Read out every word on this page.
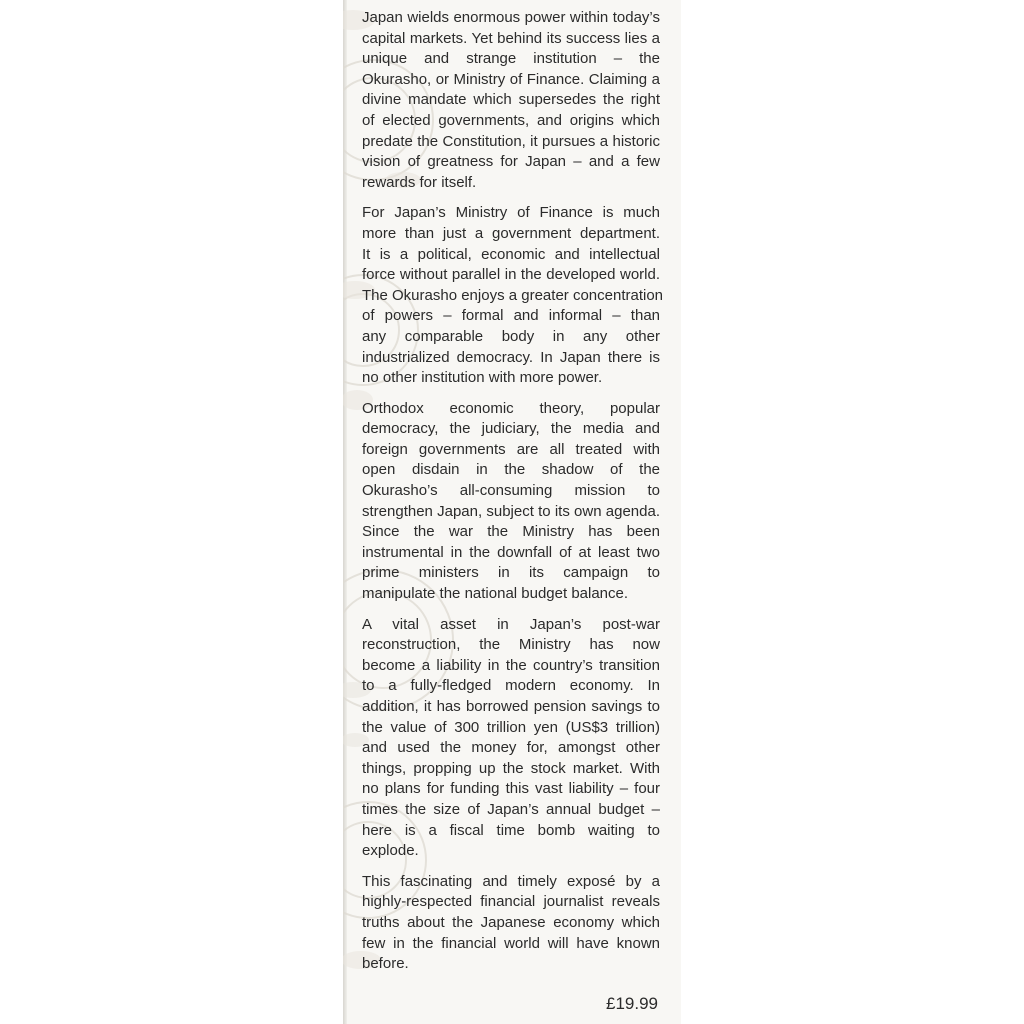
Japan wields enormous power within today’s
capital markets. Yet behind its success lies a
unique and strange institution – the
Okurasho, or Ministry of Finance. Claiming a
divine mandate which supersedes the right
of elected governments, and origins which
predate the Constitution, it pursues a historic
vision of greatness for Japan – and a few
rewards for itself.

For Japan’s Ministry of Finance is much
more than just a government department.
It is a political, economic and intellectual
force without parallel in the developed world.
The Okurasho enjoys a greater concentration
of powers – formal and informal – than
any comparable body in any other
industrialized democracy. In Japan there is
no other institution with more power.

Orthodox economic theory, popular
democracy, the judiciary, the media and
foreign governments are all treated with
open disdain in the shadow of the
Okurasho’s all-consuming mission to
strengthen Japan, subject to its own agenda.
Since the war the Ministry has been
instrumental in the downfall of at least two
prime ministers in its campaign to
manipulate the national budget balance.

A vital asset in Japan’s post-war
reconstruction, the Ministry has now
become a liability in the country’s transition
to a fully-fledged modern economy. In
addition, it has borrowed pension savings to
the value of 300 trillion yen (US$3 trillion)
and used the money for, amongst other
things, propping up the stock market. With
no plans for funding this vast liability – four
times the size of Japan’s annual budget –
here is a fiscal time bomb waiting to
explode.

This fascinating and timely exposé by a
highly-respected financial journalist reveals
truths about the Japanese economy which
few in the financial world will have known
before.

£19.99
